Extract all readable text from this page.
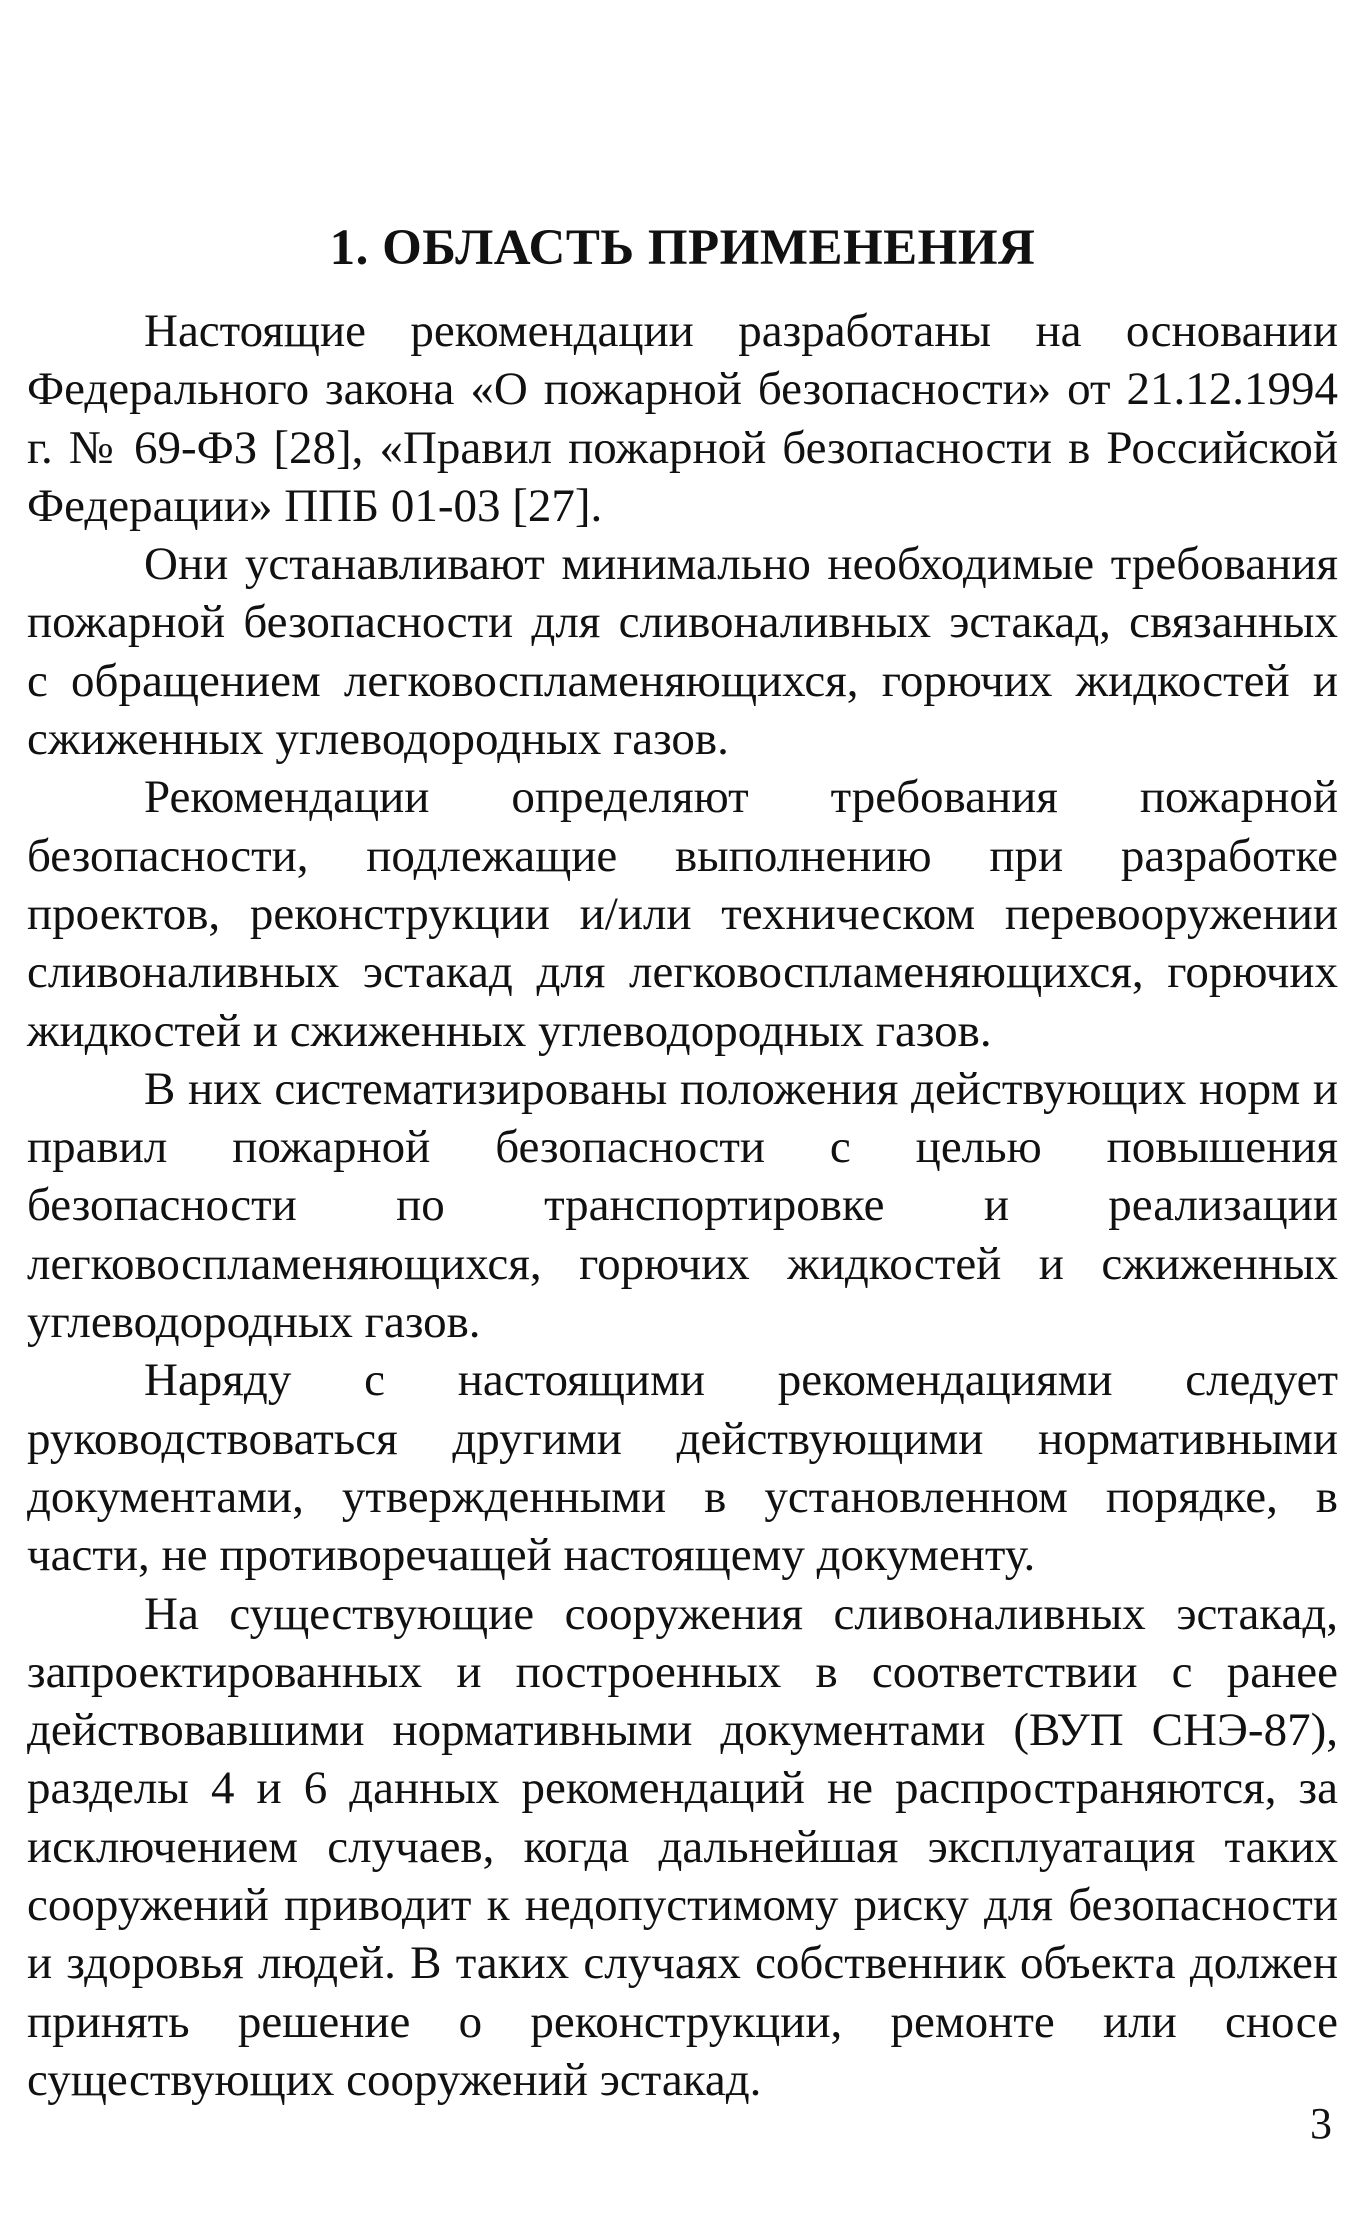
1. ОБЛАСТЬ ПРИМЕНЕНИЯ

Настоящие рекомендации разработаны на основании Федерального закона «О пожарной безопасности» от 21.12.1994 г. № 69-ФЗ [28], «Правил пожарной безопасности в Российской Федерации» ППБ 01-03 [27].

Они устанавливают минимально необходимые требования пожарной безопасности для сливоналивных эстакад, связанных с обращением легковоспламеняющихся, горючих жидкостей и сжиженных углеводородных газов.

Рекомендации определяют требования пожарной безопасности, подлежащие выполнению при разработке проектов, реконструкции и/или техническом перевооружении сливоналивных эстакад для легковоспламеняющихся, горючих жидкостей и сжиженных углеводородных газов.

В них систематизированы положения действующих норм и правил пожарной безопасности с целью повышения безопасности по транспортировке и реализации легковоспламеняющихся, горючих жидкостей и сжиженных углеводородных газов.

Наряду с настоящими рекомендациями следует руководствоваться другими действующими нормативными документами, утвержденными в установленном порядке, в части, не противоречащей настоящему документу.

На существующие сооружения сливоналивных эстакад, запроектированных и построенных в соответствии с ранее действовавшими нормативными документами (ВУП СНЭ-87), разделы 4 и 6 данных рекомендаций не распространяются, за исключением случаев, когда дальнейшая эксплуатация таких сооружений приводит к недопустимому риску для безопасности и здоровья людей. В таких случаях собственник объекта должен принять решение о реконструкции, ремонте или сносе существующих сооружений эстакад.

3
